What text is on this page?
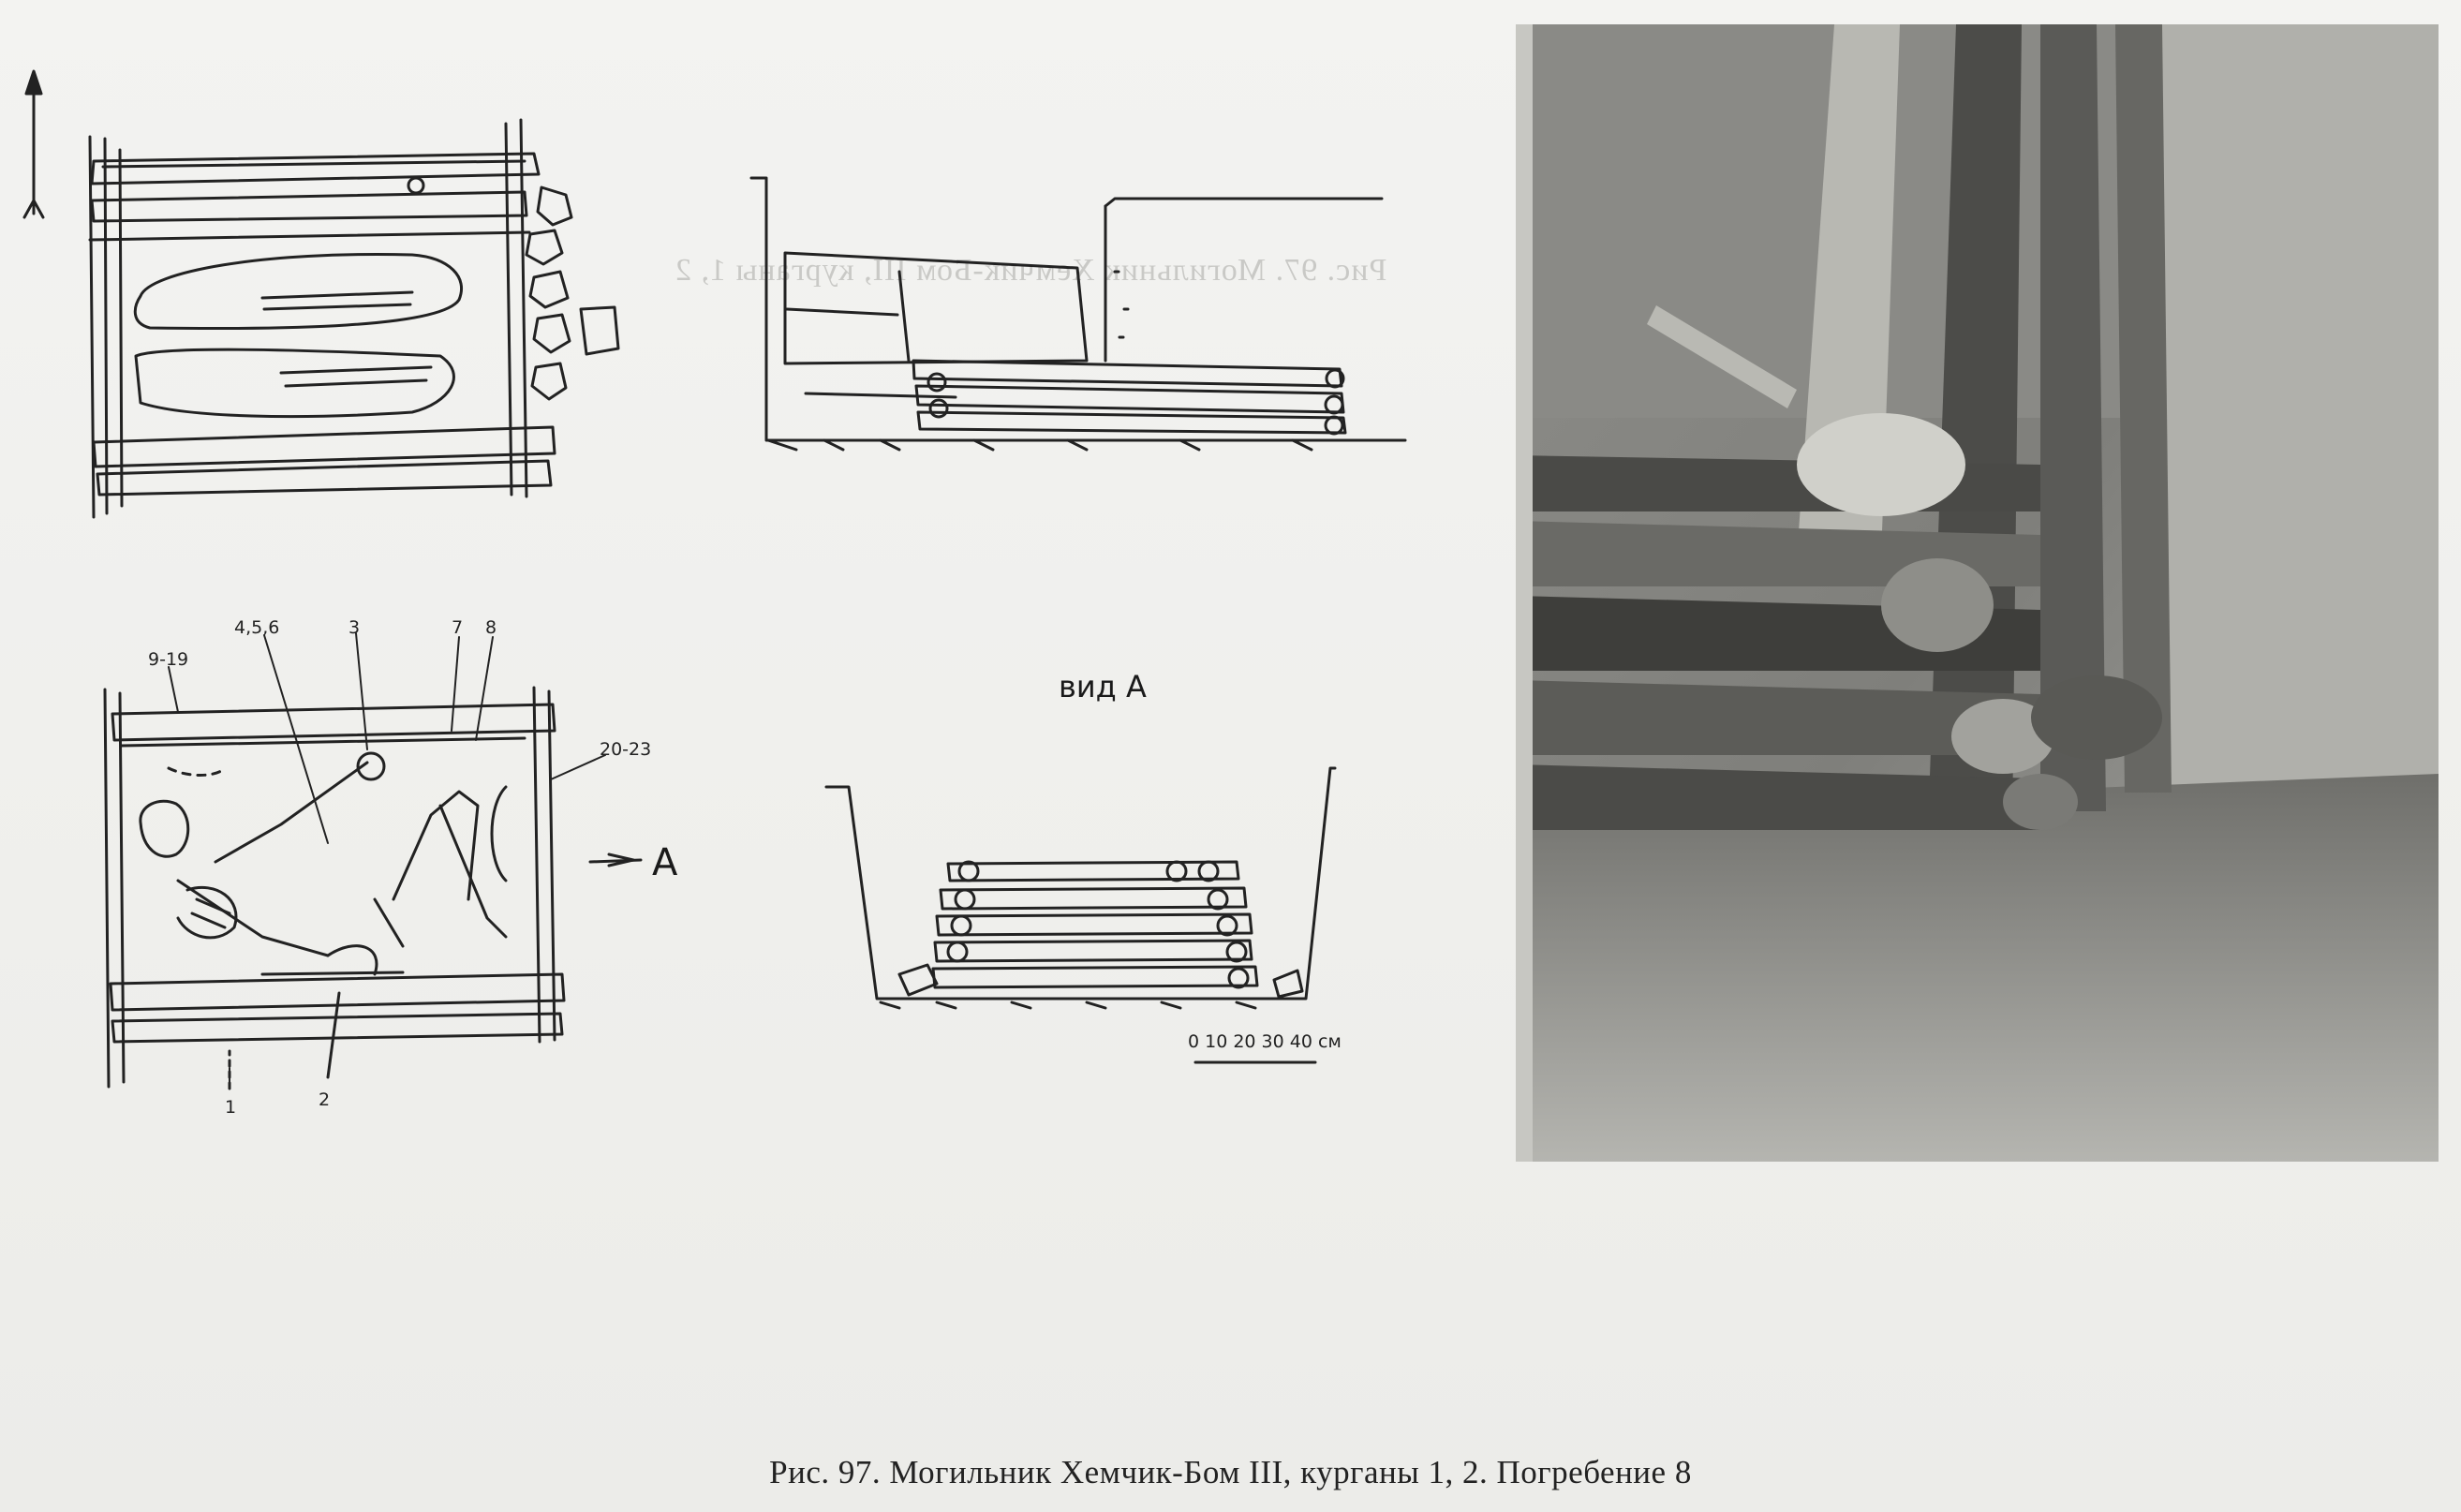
Рис. 97. Могильник Хемчик-Бом III, курганы 1, 2
9-19
4,5,6	3	7 8
20-23
1	2
A
вид A
0 10 20 30 40 см
Рис. 97. Могильник Хемчик-Бом III, курганы 1, 2. Погребение 8
